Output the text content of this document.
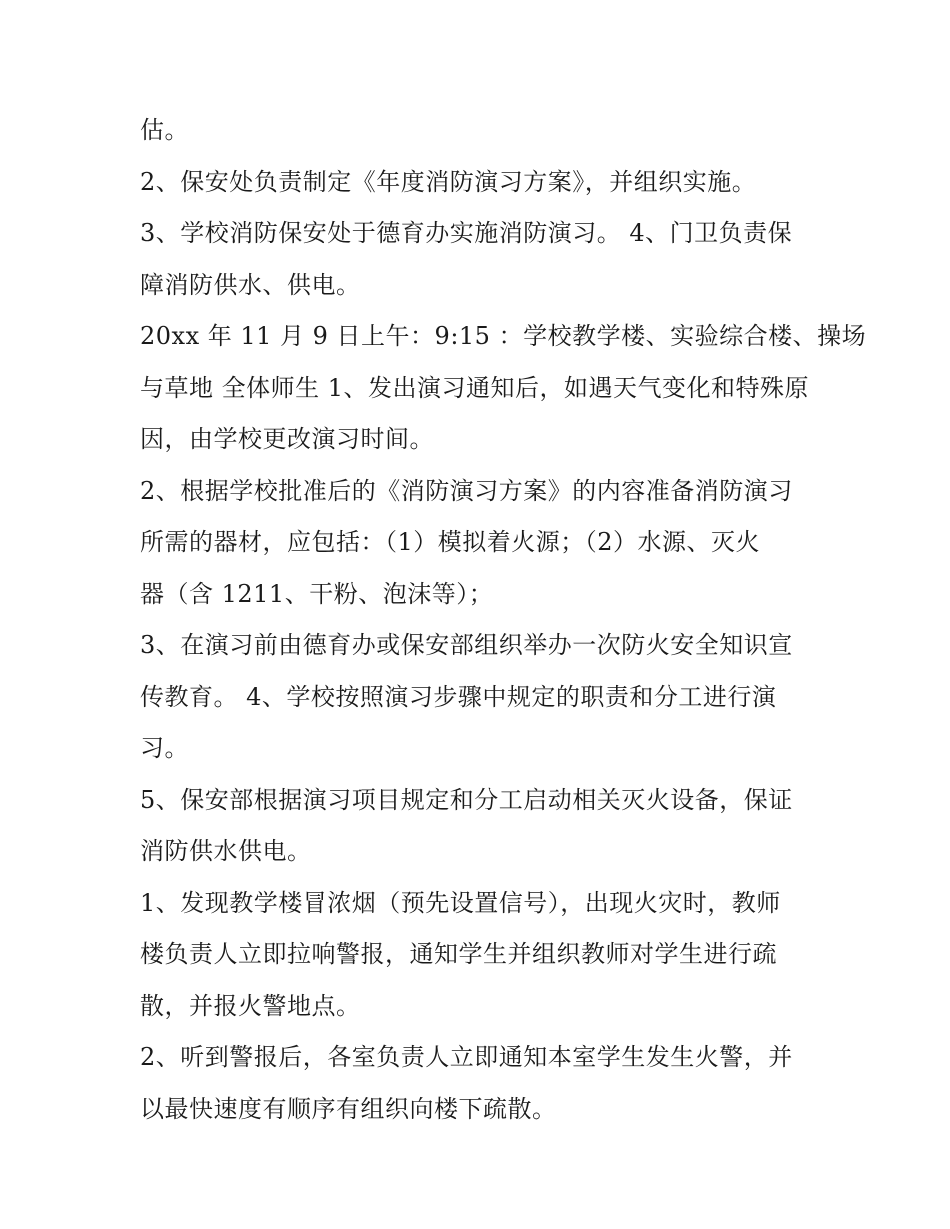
估。
2、保安处负责制定《年度消防演习方案》，并组织实施。
3、学校消防保安处于德育办实施消防演习。 4、门卫负责保
障消防供水、供电。
20xx 年 11 月 9 日上午：9:15 ：学校教学楼、实验综合楼、操场
与草地 全体师生 1、发出演习通知后，如遇天气变化和特殊原
因，由学校更改演习时间。
2、根据学校批准后的《消防演习方案》的内容准备消防演习
所需的器材，应包括：（1）模拟着火源；（2）水源、灭火
器（含 1211、干粉、泡沫等）；
3、在演习前由德育办或保安部组织举办一次防火安全知识宣
传教育。 4、学校按照演习步骤中规定的职责和分工进行演
习。
5、保安部根据演习项目规定和分工启动相关灭火设备，保证
消防供水供电。
1、发现教学楼冒浓烟（预先设置信号），出现火灾时，教师
楼负责人立即拉响警报，通知学生并组织教师对学生进行疏
散，并报火警地点。
2、听到警报后，各室负责人立即通知本室学生发生火警，并
以最快速度有顺序有组织向楼下疏散。
